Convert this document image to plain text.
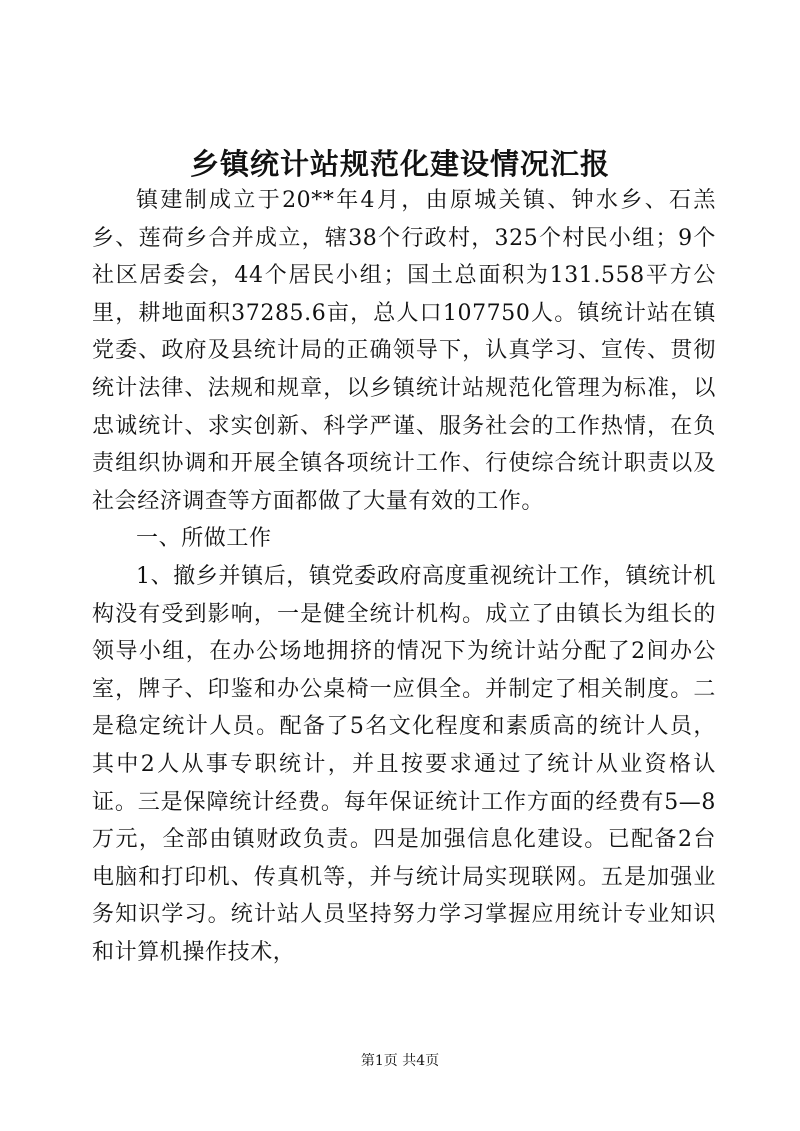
乡镇统计站规范化建设情况汇报

镇建制成立于20**年4月，由原城关镇、钟水乡、石羔乡、莲荷乡合并成立，辖38个行政村，325个村民小组；9个社区居委会，44个居民小组；国土总面积为131.558平方公里，耕地面积37285.6亩，总人口107750人。镇统计站在镇党委、政府及县统计局的正确领导下，认真学习、宣传、贯彻统计法律、法规和规章，以乡镇统计站规范化管理为标准，以忠诚统计、求实创新、科学严谨、服务社会的工作热情，在负责组织协调和开展全镇各项统计工作、行使综合统计职责以及社会经济调查等方面都做了大量有效的工作。

一、所做工作

1、撤乡并镇后，镇党委政府高度重视统计工作，镇统计机构没有受到影响，一是健全统计机构。成立了由镇长为组长的领导小组，在办公场地拥挤的情况下为统计站分配了2间办公室，牌子、印鉴和办公桌椅一应俱全。并制定了相关制度。二是稳定统计人员。配备了5名文化程度和素质高的统计人员，其中2人从事专职统计，并且按要求通过了统计从业资格认证。三是保障统计经费。每年保证统计工作方面的经费有5—8万元，全部由镇财政负责。四是加强信息化建设。已配备2台电脑和打印机、传真机等，并与统计局实现联网。五是加强业务知识学习。统计站人员坚持努力学习掌握应用统计专业知识和计算机操作技术，

第1页 共4页
